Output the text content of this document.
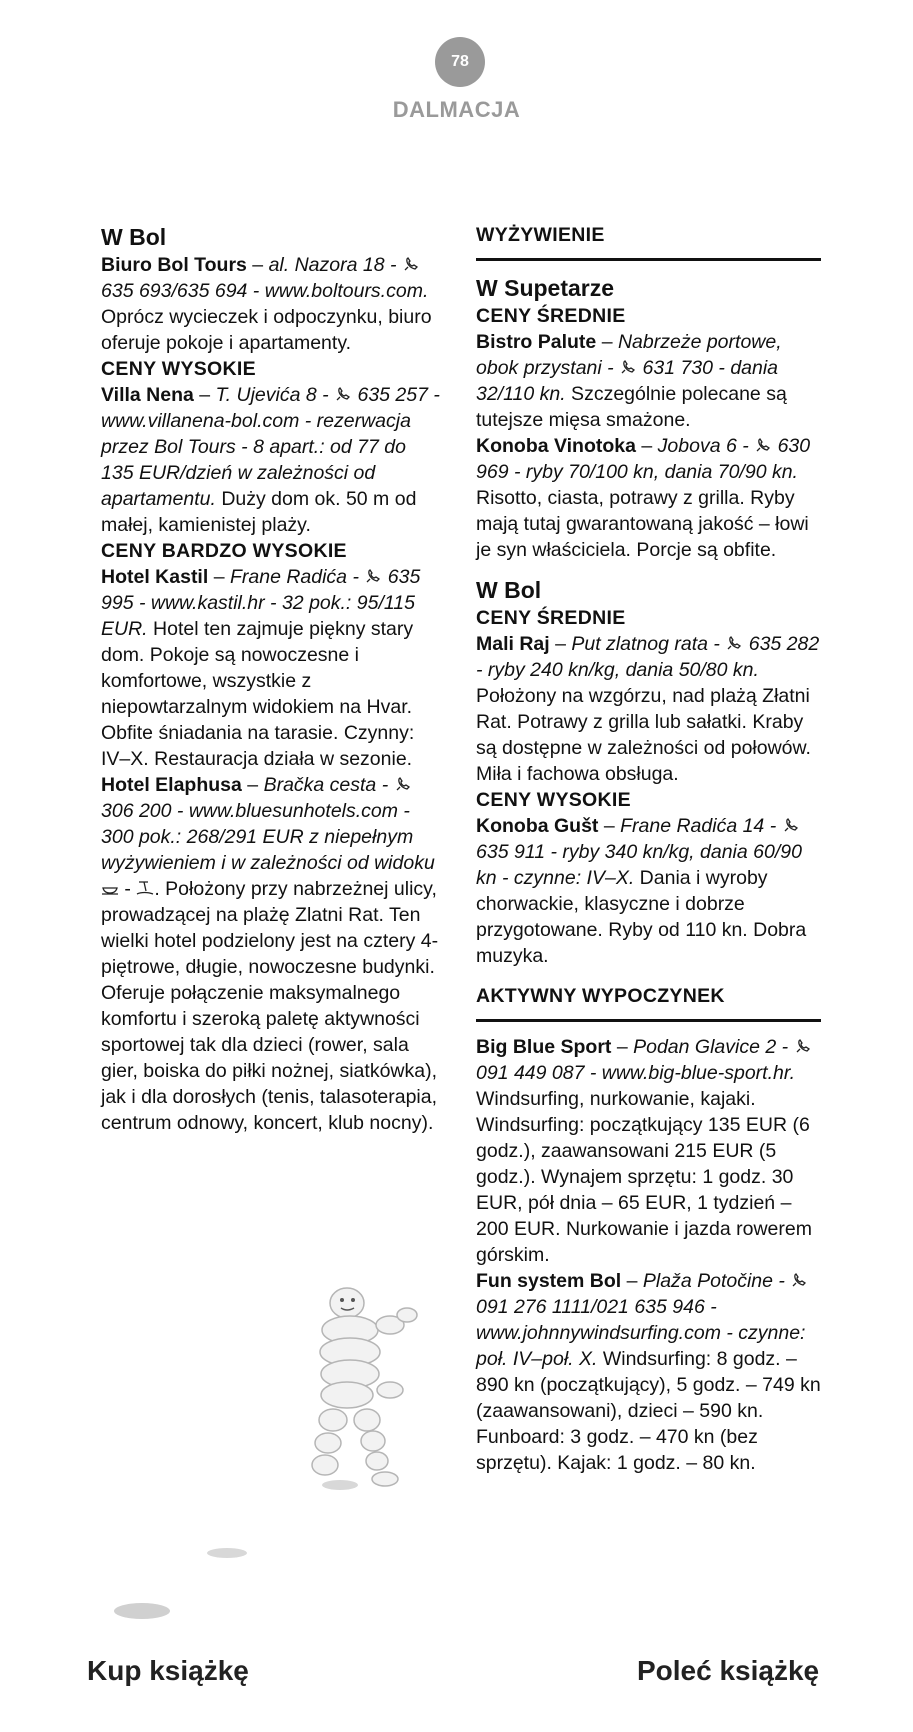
78
DALMACJA

W Bol

Biuro Bol Tours – al. Nazora 18 -  635 693/635 694 - www.boltours.com. Oprócz wycieczek i odpoczynku, biuro oferuje pokoje i apartamenty.

CENY WYSOKIE

Villa Nena – T. Ujevića 8 - 635 257 - www.villanena-bol.com - rezerwacja przez Bol Tours - 8 apart.: od 77 do 135 EUR/dzień w zależności od apartamentu. Duży dom ok. 50 m od małej, kamienistej plaży.

CENY BARDZO WYSOKIE

Hotel Kastil – Frane Radića - 635 995 - www.kastil.hr - 32 pok.: 95/115 EUR. Hotel ten zajmuje piękny stary dom. Pokoje są nowoczesne i komfortowe, wszystkie z niepowtarzalnym widokiem na Hvar. Obfite śniadania na tarasie. Czynny: IV–X. Restauracja działa w sezonie.

Hotel Elaphusa – Bračka cesta -  306 200 - www.bluesunhotels.com - 300 pok.: 268/291 EUR z niepełnym wyżywieniem i w zależności od widoku  - . Położony przy nabrzeżnej ulicy, prowadzącej na plażę Zlatni Rat. Ten wielki hotel podzielony jest na cztery 4-piętrowe, długie, nowoczesne budynki. Oferuje połączenie maksymalnego komfortu i szeroką paletę aktywności sportowej tak dla dzieci (rower, sala gier, boiska do piłki nożnej, siatkówka), jak i dla dorosłych (tenis, talasoterapia, centrum odnowy, koncert, klub nocny).

WYŻYWIENIE

W Supetarze

CENY ŚREDNIE

Bistro Palute – Nabrzeże portowe, obok przystani - 631 730 - dania 32/110 kn. Szczególnie polecane są tutejsze mięsa smażone.

Konoba Vinotoka – Jobova 6 - 630 969 - ryby 70/100 kn, dania 70/90 kn. Risotto, ciasta, potrawy z grilla. Ryby mają tutaj gwarantowaną jakość – łowi je syn właściciela. Porcje są obfite.

W Bol

CENY ŚREDNIE

Mali Raj – Put zlatnog rata - 635 282 - ryby 240 kn/kg, dania 50/80 kn. Położony na wzgórzu, nad plażą Złatni Rat. Potrawy z grilla lub sałatki. Kraby są dostępne w zależności od połowów. Miła i fachowa obsługa.

CENY WYSOKIE

Konoba Gušt – Frane Radića 14 -  635 911 - ryby 340 kn/kg, dania 60/90 kn - czynne: IV–X. Dania i wyroby chorwackie, klasyczne i dobrze przygotowane. Ryby od 110 kn. Dobra muzyka.

AKTYWNY WYPOCZYNEK

Big Blue Sport – Podan Glavice 2 -  091 449 087 - www.big-blue-sport.hr. Windsurfing, nurkowanie, kajaki. Windsurfing: początkujący 135 EUR (6 godz.), zaawansowani 215 EUR (5 godz.). Wynajem sprzętu: 1 godz. 30 EUR, pół dnia – 65 EUR, 1 tydzień – 200 EUR. Nurkowanie i jazda rowerem górskim.

Fun system Bol – Plaža Potočine -  091 276 1111/021 635 946 - www.johnnywindsurfing.com - czynne: poł. IV–poł. X. Windsurfing: 8 godz. – 890 kn (początkujący), 5 godz. – 749 kn (zaawansowani), dzieci – 590 kn. Funboard: 3 godz. – 470 kn (bez sprzętu). Kajak: 1 godz. – 80 kn.

Kup książkę	Poleć książkę
